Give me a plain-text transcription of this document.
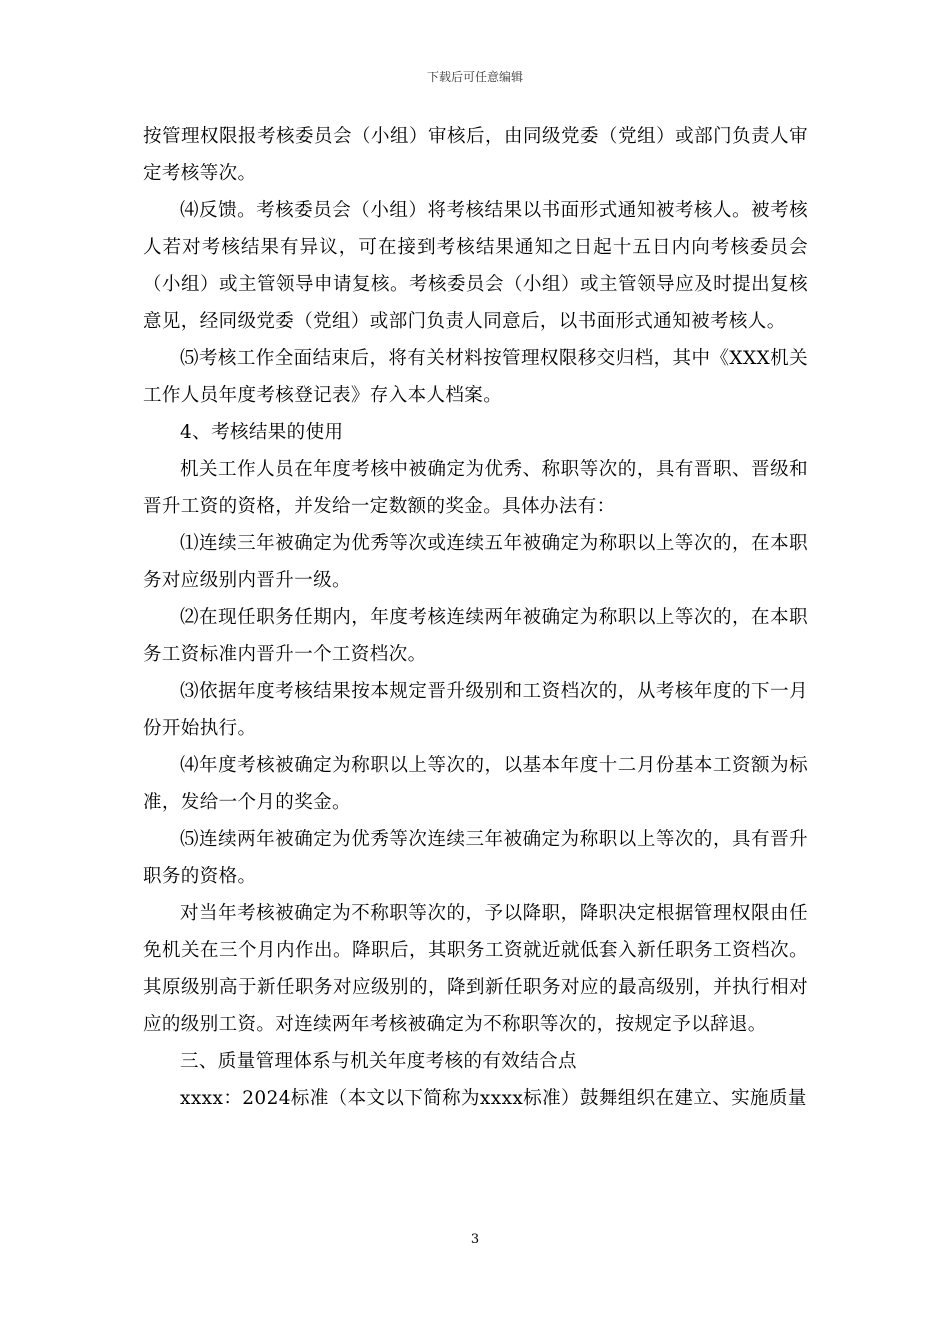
下载后可任意编辑

按管理权限报考核委员会（小组）审核后，由同级党委（党组）或部门负责人审定考核等次。

⑷反馈。考核委员会（小组）将考核结果以书面形式通知被考核人。被考核人若对考核结果有异议，可在接到考核结果通知之日起十五日内向考核委员会（小组）或主管领导申请复核。考核委员会（小组）或主管领导应及时提出复核意见，经同级党委（党组）或部门负责人同意后，以书面形式通知被考核人。

⑸考核工作全面结束后，将有关材料按管理权限移交归档，其中《XXX机关工作人员年度考核登记表》存入本人档案。

4、考核结果的使用

机关工作人员在年度考核中被确定为优秀、称职等次的，具有晋职、晋级和晋升工资的资格，并发给一定数额的奖金。具体办法有：

⑴连续三年被确定为优秀等次或连续五年被确定为称职以上等次的，在本职务对应级别内晋升一级。

⑵在现任职务任期内，年度考核连续两年被确定为称职以上等次的，在本职务工资标准内晋升一个工资档次。

⑶依据年度考核结果按本规定晋升级别和工资档次的，从考核年度的下一月份开始执行。

⑷年度考核被确定为称职以上等次的，以基本年度十二月份基本工资额为标准，发给一个月的奖金。

⑸连续两年被确定为优秀等次连续三年被确定为称职以上等次的，具有晋升职务的资格。

对当年考核被确定为不称职等次的，予以降职，降职决定根据管理权限由任免机关在三个月内作出。降职后，其职务工资就近就低套入新任职务工资档次。其原级别高于新任职务对应级别的，降到新任职务对应的最高级别，并执行相对应的级别工资。对连续两年考核被确定为不称职等次的，按规定予以辞退。

三、质量管理体系与机关年度考核的有效结合点

xxxx：2024标准（本文以下简称为xxxx标准）鼓舞组织在建立、实施质量

3
